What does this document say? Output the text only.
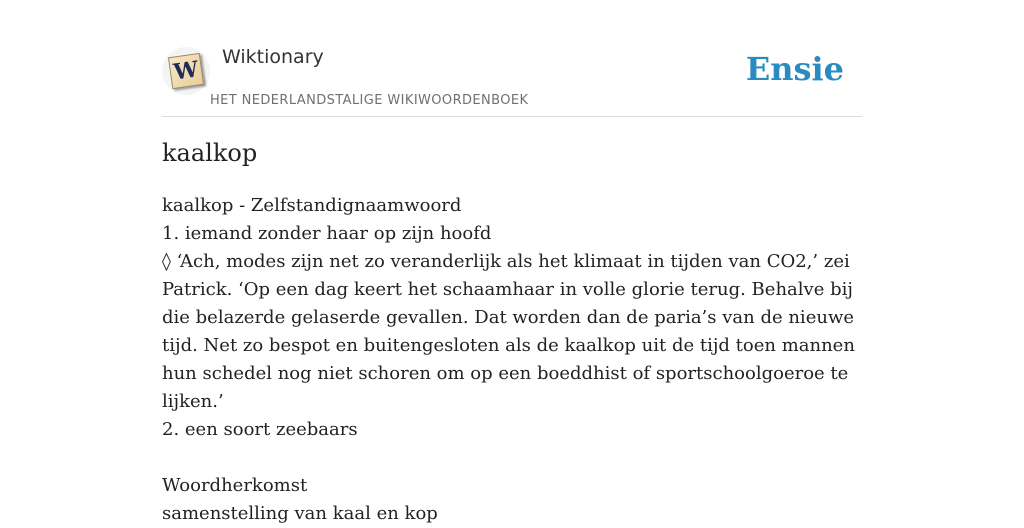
W Wiktionary
HET NEDERLANDSTALIGE WIKIWOORDENBOEK
Ensie
kaalkop
kaalkop - Zelfstandignaamwoord
1. iemand zonder haar op zijn hoofd
◊ ‘Ach, modes zijn net zo veranderlijk als het klimaat in tijden van CO2,’ zei Patrick. ‘Op een dag keert het schaamhaar in volle glorie terug. Behalve bij die belazerde gelaserde gevallen. Dat worden dan de paria’s van de nieuwe tijd. Net zo bespot en buitengesloten als de kaalkop uit de tijd toen mannen hun schedel nog niet schoren om op een boeddhist of sportschoolgoeroe te lijken.’
2. een soort zeebaars
Woordherkomst
samenstelling van kaal en kop
